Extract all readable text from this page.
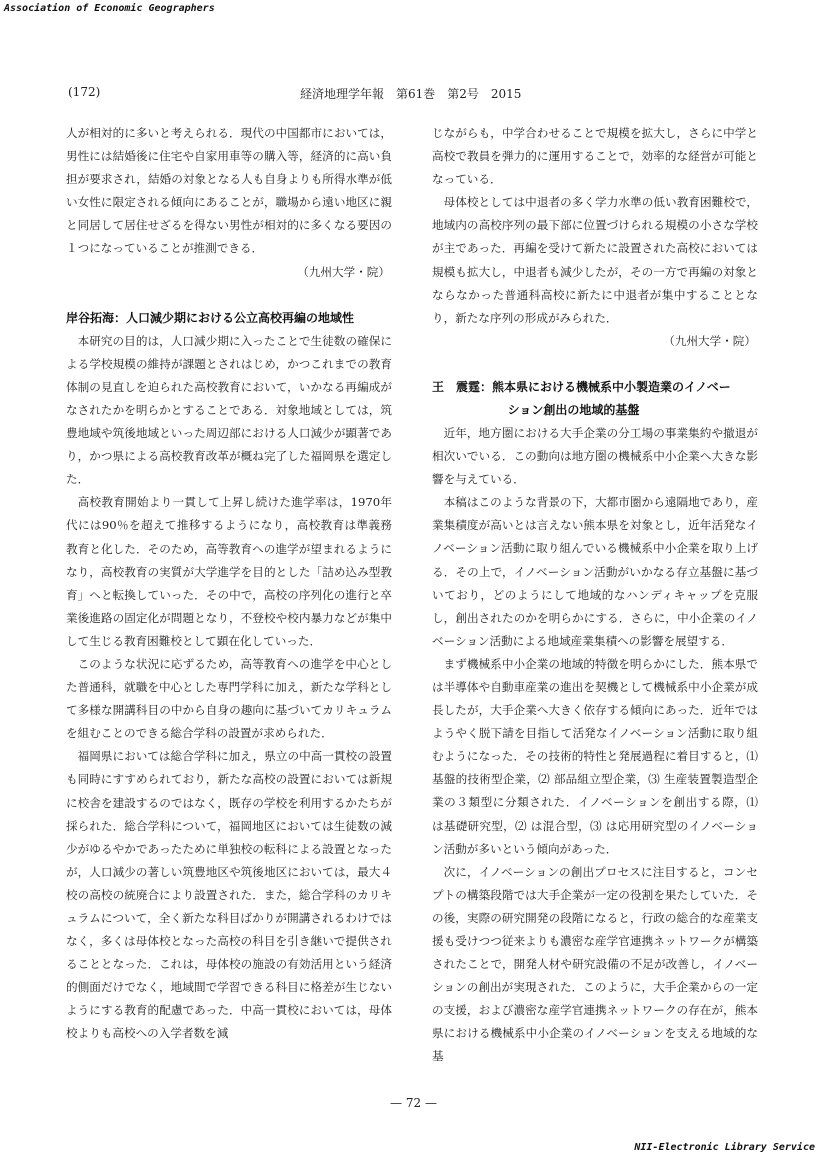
Association of Economic Geographers
(172)	経済地理学年報　第61巻　第2号　2015

人が相対的に多いと考えられる．現代の中国都市においては，男性には結婚後に住宅や自家用車等の購入等，経済的に高い負担が要求され，結婚の対象となる人も自身よりも所得水準が低い女性に限定される傾向にあることが，職場から遠い地区に親と同居して居住せざるを得ない男性が相対的に多くなる要因の１つになっていることが推測できる．

（九州大学・院）

岸谷拓海：人口減少期における公立高校再編の地域性

本研究の目的は，人口減少期に入ったことで生徒数の確保による学校規模の維持が課題とされはじめ，かつこれまでの教育体制の見直しを迫られた高校教育において，いかなる再編成がなされたかを明らかとすることである．対象地域としては，筑豊地域や筑後地域といった周辺部における人口減少が顕著であり，かつ県による高校教育改革が概ね完了した福岡県を選定した．

高校教育開始より一貫して上昇し続けた進学率は，1970年代には90％を超えて推移するようになり，高校教育は準義務教育と化した．そのため，高等教育への進学が望まれるようになり，高校教育の実質が大学進学を目的とした「詰め込み型教育」へと転換していった．その中で，高校の序列化の進行と卒業後進路の固定化が問題となり，不登校や校内暴力などが集中して生じる教育困難校として顕在化していった．

このような状況に応ずるため，高等教育への進学を中心とした普通科，就職を中心とした専門学科に加え，新たな学科として多様な開講科目の中から自身の趣向に基づいてカリキュラムを組むことのできる総合学科の設置が求められた．

福岡県においては総合学科に加え，県立の中高一貫校の設置も同時にすすめられており，新たな高校の設置においては新規に校舎を建設するのではなく，既存の学校を利用するかたちが採られた．総合学科について，福岡地区においては生徒数の減少がゆるやかであったために単独校の転科による設置となったが，人口減少の著しい筑豊地区や筑後地区においては，最大４校の高校の統廃合により設置された．また，総合学科のカリキュラムについて，全く新たな科目ばかりが開講されるわけではなく，多くは母体校となった高校の科目を引き継いで提供されることとなった．これは，母体校の施設の有効活用という経済的側面だけでなく，地域間で学習できる科目に格差が生じないようにする教育的配慮であった．中高一貫校においては，母体校よりも高校への入学者数を減

じながらも，中学合わせることで規模を拡大し，さらに中学と高校で教員を弾力的に運用することで，効率的な経営が可能となっている．

母体校としては中退者の多く学力水準の低い教育困難校で，地域内の高校序列の最下部に位置づけられる規模の小さな学校が主であった．再編を受けて新たに設置された高校においては規模も拡大し，中退者も減少したが，その一方で再編の対象とならなかった普通科高校に新たに中退者が集中することとなり，新たな序列の形成がみられた．

（九州大学・院）

王　震霆：熊本県における機械系中小製造業のイノベー
ション創出の地域的基盤

近年，地方圏における大手企業の分工場の事業集約や撤退が相次いでいる．この動向は地方圏の機械系中小企業へ大きな影響を与えている．

本稿はこのような背景の下，大都市圏から遠隔地であり，産業集積度が高いとは言えない熊本県を対象とし，近年活発なイノベーション活動に取り組んでいる機械系中小企業を取り上げる．その上で，イノベーション活動がいかなる存立基盤に基づいており，どのようにして地域的なハンディキャップを克服し，創出されたのかを明らかにする．さらに，中小企業のイノベーション活動による地域産業集積への影響を展望する．

まず機械系中小企業の地域的特徴を明らかにした．熊本県では半導体や自動車産業の進出を契機として機械系中小企業が成長したが，大手企業へ大きく依存する傾向にあった．近年ではようやく脱下請を目指して活発なイノベーション活動に取り組むようになった．その技術的特性と発展過程に着目すると，⑴ 基盤的技術型企業，⑵ 部品組立型企業，⑶ 生産装置製造型企業の３類型に分類された．イノベーションを創出する際，⑴ は基礎研究型，⑵ は混合型，⑶ は応用研究型のイノベーション活動が多いという傾向があった．

次に，イノベーションの創出プロセスに注目すると，コンセプトの構築段階では大手企業が一定の役割を果たしていた．その後，実際の研究開発の段階になると，行政の総合的な産業支援も受けつつ従来よりも濃密な産学官連携ネットワークが構築されたことで，開発人材や研究設備の不足が改善し，イノベーションの創出が実現された．このように，大手企業からの一定の支援，および濃密な産学官連携ネットワークの存在が，熊本県における機械系中小企業のイノベーションを支える地域的な基

— 72 —
NII-Electronic Library Service
